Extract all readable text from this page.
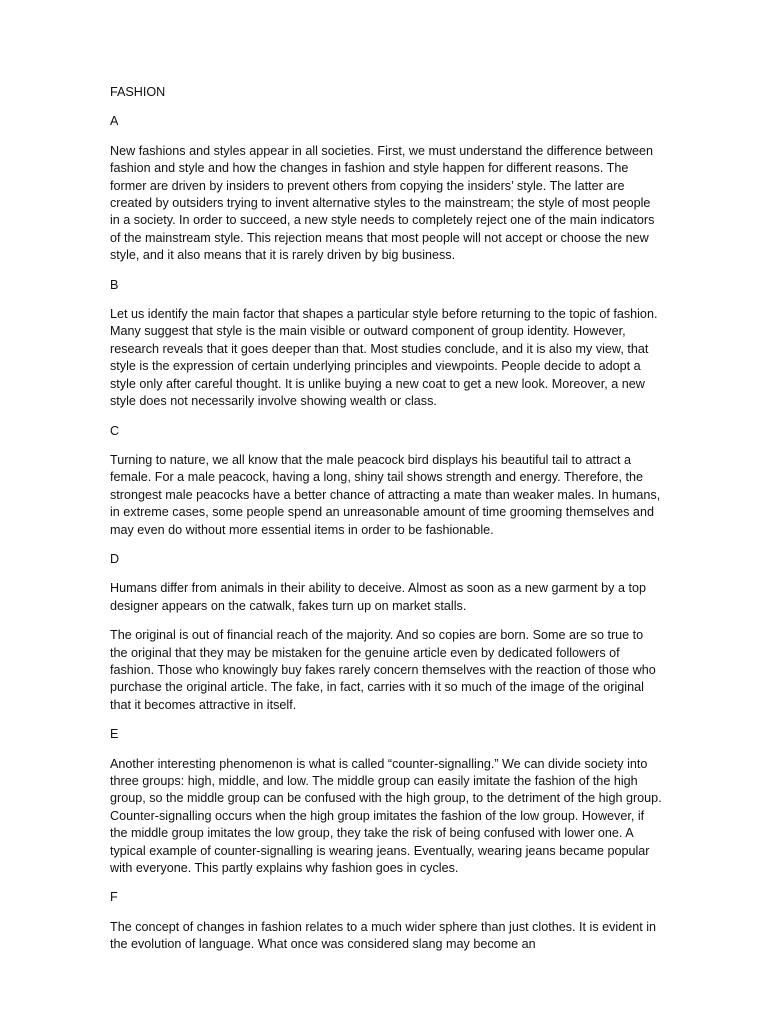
FASHION
A

New fashions and styles appear in all societies. First, we must understand the difference between fashion and style and how the changes in fashion and style happen for different reasons. The former are driven by insiders to prevent others from copying the insiders’ style. The latter are created by outsiders trying to invent alternative styles to the mainstream; the style of most people in a society. In order to succeed, a new style needs to completely reject one of the main indicators of the mainstream style. This rejection means that most people will not accept or choose the new style, and it also means that it is rarely driven by big business.

B

Let us identify the main factor that shapes a particular style before returning to the topic of fashion. Many suggest that style is the main visible or outward component of group identity. However, research reveals that it goes deeper than that. Most studies conclude, and it is also my view, that style is the expression of certain underlying principles and viewpoints. People decide to adopt a style only after careful thought. It is unlike buying a new coat to get a new look. Moreover, a new style does not necessarily involve showing wealth or class.

C

Turning to nature, we all know that the male peacock bird displays his beautiful tail to attract a female. For a male peacock, having a long, shiny tail shows strength and energy. Therefore, the strongest male peacocks have a better chance of attracting a mate than weaker males. In humans, in extreme cases, some people spend an unreasonable amount of time grooming themselves and may even do without more essential items in order to be fashionable.

D

Humans differ from animals in their ability to deceive. Almost as soon as a new garment by a top designer appears on the catwalk, fakes turn up on market stalls.

The original is out of financial reach of the majority. And so copies are born. Some are so true to the original that they may be mistaken for the genuine article even by dedicated followers of fashion. Those who knowingly buy fakes rarely concern themselves with the reaction of those who purchase the original article. The fake, in fact, carries with it so much of the image of the original that it becomes attractive in itself.

E

Another interesting phenomenon is what is called “counter-signalling.” We can divide society into three groups: high, middle, and low. The middle group can easily imitate the fashion of the high group, so the middle group can be confused with the high group, to the detriment of the high group. Counter-signalling occurs when the high group imitates the fashion of the low group. However, if the middle group imitates the low group, they take the risk of being confused with lower one. A typical example of counter-signalling is wearing jeans. Eventually, wearing jeans became popular with everyone. This partly explains why fashion goes in cycles.

F

The concept of changes in fashion relates to a much wider sphere than just clothes. It is evident in the evolution of language. What once was considered slang may become an
